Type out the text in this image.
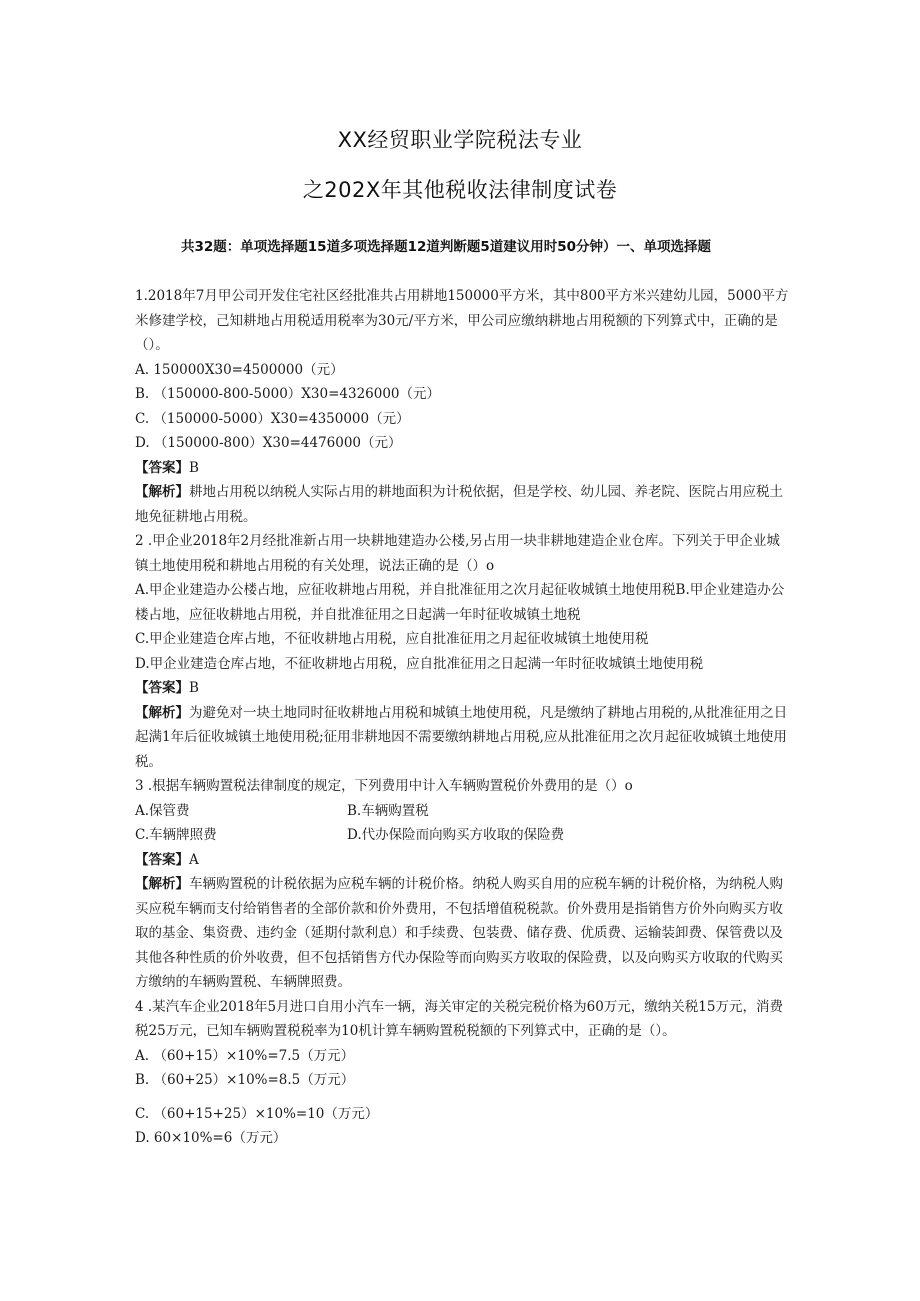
XX经贸职业学院税法专业
之202X年其他税收法律制度试卷
共32题：单项选择题15道多项选择题12道判断题5道建议用时50分钟）一、单项选择题

1.2018年7月甲公司开发住宅社区经批准共占用耕地150000平方米，其中800平方米兴建幼儿园，5000平方米修建学校，己知耕地占用税适用税率为30元/平方米，甲公司应缴纳耕地占用税额的下列算式中，正确的是（）。

A. 150000X30=4500000（元）

B. （150000-800-5000）X30=4326000（元）

C. （150000-5000）X30=4350000（元）

D. （150000-800）X30=4476000（元）

【答案】B

【解析】耕地占用税以纳税人实际占用的耕地面积为计税依据，但是学校、幼儿园、养老院、医院占用应税土地免征耕地占用税。

2 .甲企业2018年2月经批准新占用一块耕地建造办公楼,另占用一块非耕地建造企业仓库。下列关于甲企业城镇土地使用税和耕地占用税的有关处理，说法正确的是（）o

A.甲企业建造办公楼占地，应征收耕地占用税，并自批准征用之次月起征收城镇土地使用税B.甲企业建造办公楼占地，应征收耕地占用税，并自批准征用之日起满一年时征收城镇土地税

C.甲企业建造仓库占地，不征收耕地占用税，应自批准征用之月起征收城镇土地使用税

D.甲企业建造仓库占地，不征收耕地占用税，应自批准征用之日起满一年时征收城镇土地使用税

【答案】B

【解析】为避免对一块土地同时征收耕地占用税和城镇土地使用税，凡是缴纳了耕地占用税的,从批准征用之日起满1年后征收城镇土地使用税;征用非耕地因不需要缴纳耕地占用税,应从批准征用之次月起征收城镇土地使用税。

3 .根据车辆购置税法律制度的规定，下列费用中计入车辆购置税价外费用的是（）o

A.保管费	B.车辆购置税
C.车辆牌照费	D.代办保险而向购买方收取的保险费

【答案】A

【解析】车辆购置税的计税依据为应税车辆的计税价格。纳税人购买自用的应税车辆的计税价格，为纳税人购买应税车辆而支付给销售者的全部价款和价外费用，不包括增值税税款。价外费用是指销售方价外向购买方收取的基金、集资费、违约金（延期付款利息）和手续费、包装费、储存费、优质费、运输装卸费、保管费以及其他各种性质的价外收费，但不包括销售方代办保险等而向购买方收取的保险费，以及向购买方收取的代购买方缴纳的车辆购置税、车辆牌照费。

4 .某汽车企业2018年5月进口自用小汽车一辆，海关审定的关税完税价格为60万元，缴纳关税15万元，消费税25万元，已知车辆购置税税率为10机计算车辆购置税税额的下列算式中，正确的是（）。

A. （60+15）×10%=7.5（万元）

B. （60+25）×10%=8.5（万元）

C. （60+15+25）×10%=10（万元）

D. 60×10%=6（万元）
